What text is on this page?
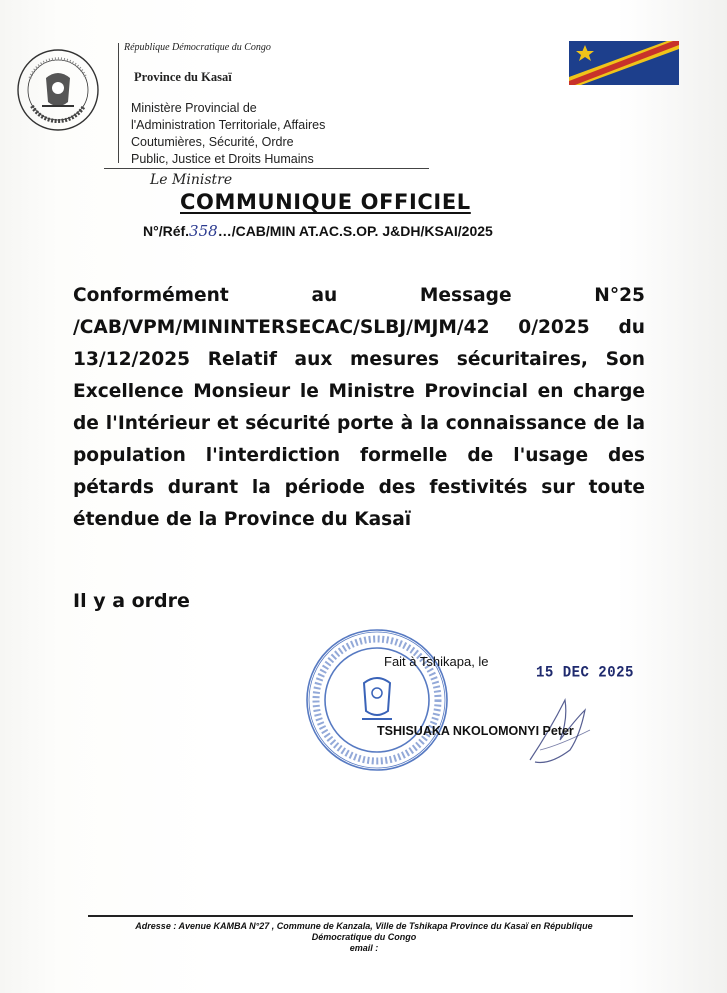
République Démocratique du Congo
Province du Kasaï
Ministère Provincial de
l'Administration Territoriale, Affaires
Coutumières, Sécurité, Ordre
Public, Justice et Droits Humains
Le Ministre
COMMUNIQUE OFFICIEL
N°/Réf.358…/CAB/MIN AT.AC.S.OP. J&DH/KSAI/2025
Conformément au Message N°25 /CAB/VPM/MININTERSECAC/SLBJ/MJM/42 0/2025 du 13/12/2025 Relatif aux mesures sécuritaires, Son Excellence Monsieur le Ministre Provincial en charge de l'Intérieur et sécurité porte à la connaissance de la population l'interdiction formelle de l'usage des pétards durant la période des festivités sur toute étendue de la Province du Kasaï
Il y a ordre
Fait à Tshikapa, le
15 DEC 2025
TSHISUAKA NKOLOMONYI Peter
Adresse : Avenue KAMBA N°27 , Commune de Kanzala, Ville de Tshikapa Province du Kasaï en République
Démocratique du Congo
email :
